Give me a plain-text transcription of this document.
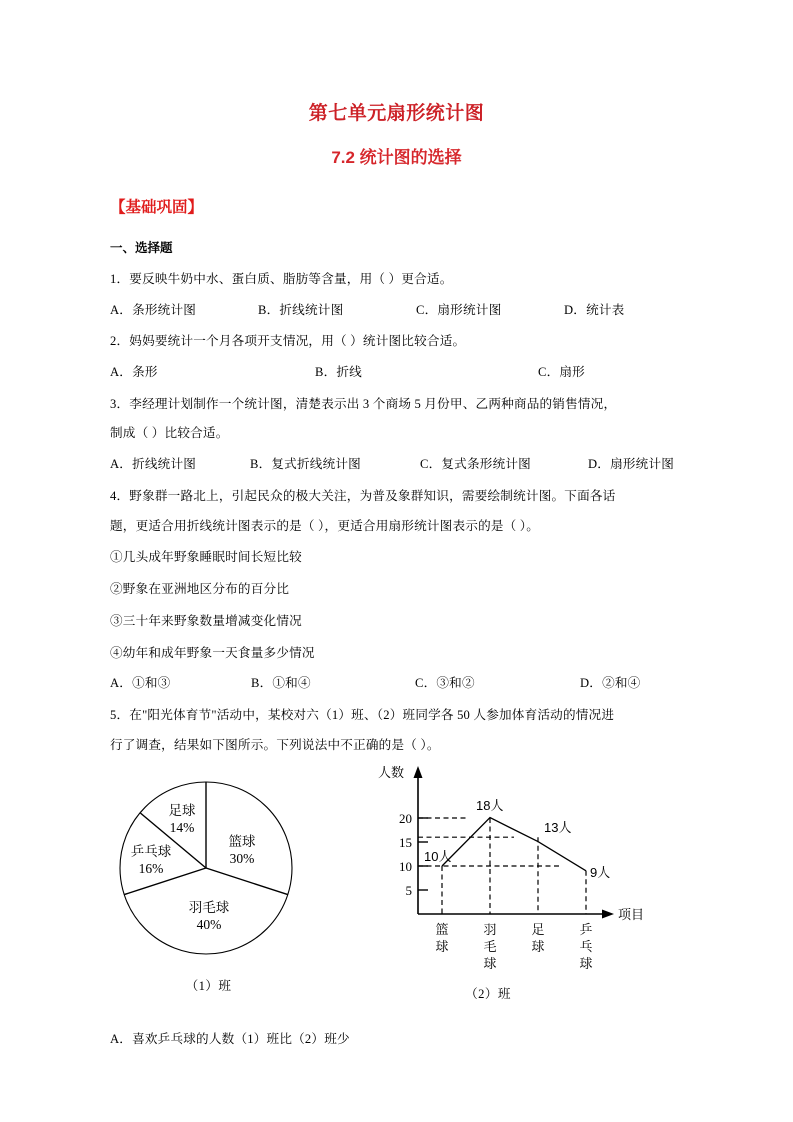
第七单元扇形统计图
7.2 统计图的选择
【基础巩固】
一、选择题

1．要反映牛奶中水、蛋白质、脂肪等含量，用（ ）更合适。

A．条形统计图	B．折线统计图	C．扇形统计图	D．统计表

2．妈妈要统计一个月各项开支情况，用（ ）统计图比较合适。

A．条形	B．折线	C．扇形

3．李经理计划制作一个统计图，清楚表示出 3 个商场 5 月份甲、乙两种商品的销售情况，

制成（ ）比较合适。

A．折线统计图	B．复式折线统计图	C．复式条形统计图	D．扇形统计图

4．野象群一路北上，引起民众的极大关注，为普及象群知识，需要绘制统计图。下面各话

题，更适合用折线统计图表示的是（ ），更适合用扇形统计图表示的是（ ）。

①几头成年野象睡眠时间长短比较

②野象在亚洲地区分布的百分比

③三十年来野象数量增减变化情况

④幼年和成年野象一天食量多少情况

A．①和③	B．①和④	C．③和②	D．②和④

5．在"阳光体育节"活动中，某校对六（1）班、（2）班同学各 50 人参加体育活动的情况进

行了调查，结果如下图所示。下列说法中不正确的是（ ）。

篮球
30%
羽毛球
40%
乒乓球
16%
足球
14%
（1）班
人数
项目
20
15
10
5
10人
18人
13人
9人
篮球
羽毛球
足球
乒乓球
（2）班

A．喜欢乒乓球的人数（1）班比（2）班少
